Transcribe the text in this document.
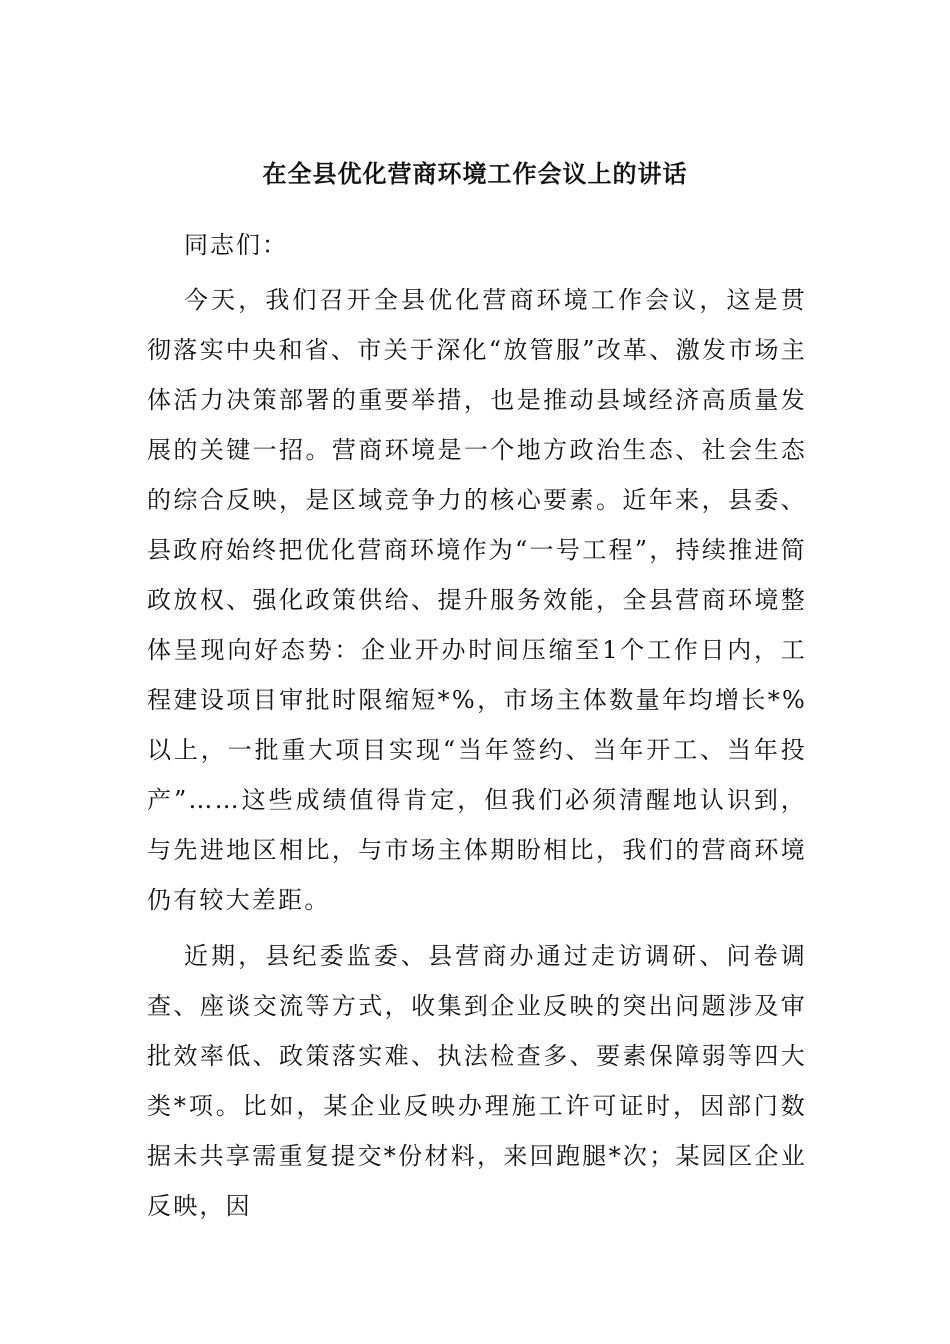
在全县优化营商环境工作会议上的讲话

同志们：

今天，我们召开全县优化营商环境工作会议，这是贯彻落实中央和省、市关于深化“放管服”改革、激发市场主体活力决策部署的重要举措，也是推动县域经济高质量发展的关键一招。营商环境是一个地方政治生态、社会生态的综合反映，是区域竞争力的核心要素。近年来，县委、县政府始终把优化营商环境作为“一号工程”，持续推进简政放权、强化政策供给、提升服务效能，全县营商环境整体呈现向好态势：企业开办时间压缩至1个工作日内，工程建设项目审批时限缩短*%，市场主体数量年均增长*%以上，一批重大项目实现“当年签约、当年开工、当年投产”……这些成绩值得肯定，但我们必须清醒地认识到，与先进地区相比，与市场主体期盼相比，我们的营商环境仍有较大差距。

近期，县纪委监委、县营商办通过走访调研、问卷调查、座谈交流等方式，收集到企业反映的突出问题涉及审批效率低、政策落实难、执法检查多、要素保障弱等四大类*项。比如，某企业反映办理施工许可证时，因部门数据未共享需重复提交*份材料，来回跑腿*次；某园区企业反映，因
